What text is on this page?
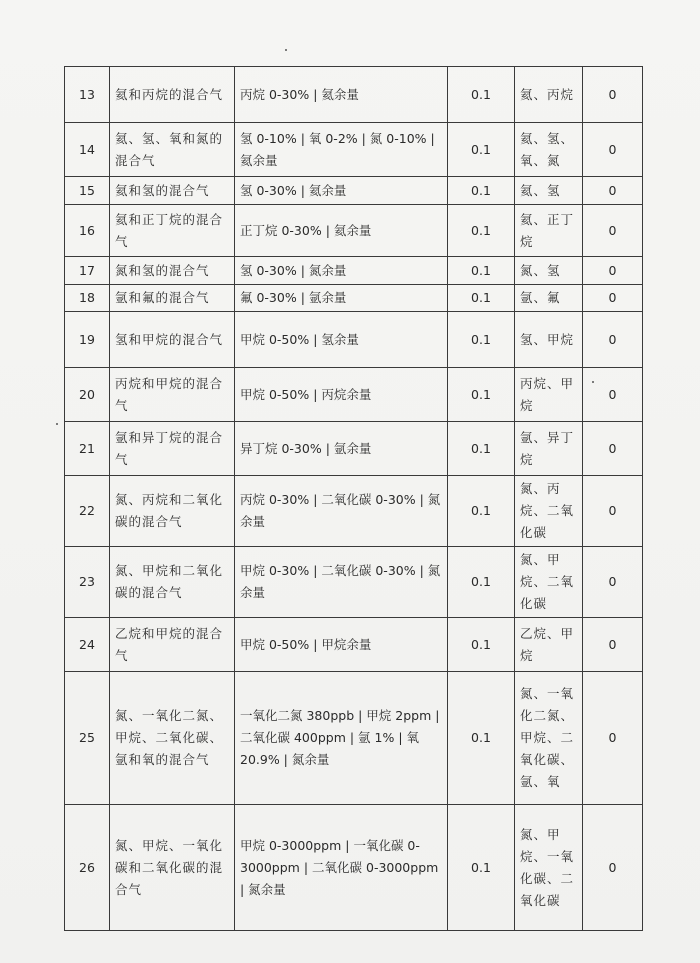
13	氦和丙烷的混合气	丙烷 0-30% | 氦余量	0.1	氦、丙烷	0
14	氦、氢、氧和氮的混合气	氢 0-10% | 氧 0-2% | 氮 0-10% | 氦余量	0.1	氦、氢、氧、氮	0
15	氦和氢的混合气	氢 0-30% | 氦余量	0.1	氦、氢	0
16	氦和正丁烷的混合气	正丁烷 0-30% | 氦余量	0.1	氦、正丁烷	0
17	氮和氢的混合气	氢 0-30% | 氮余量	0.1	氮、氢	0
18	氩和氟的混合气	氟 0-30% | 氩余量	0.1	氩、氟	0
19	氢和甲烷的混合气	甲烷 0-50% | 氢余量	0.1	氢、甲烷	0
20	丙烷和甲烷的混合气	甲烷 0-50% | 丙烷余量	0.1	丙烷、甲烷	0
21	氩和异丁烷的混合气	异丁烷 0-30% | 氩余量	0.1	氩、异丁烷	0
22	氮、丙烷和二氧化碳的混合气	丙烷 0-30% | 二氧化碳 0-30% | 氮余量	0.1	氮、丙烷、二氧化碳	0
23	氮、甲烷和二氧化碳的混合气	甲烷 0-30% | 二氧化碳 0-30% | 氮余量	0.1	氮、甲烷、二氧化碳	0
24	乙烷和甲烷的混合气	甲烷 0-50% | 甲烷余量	0.1	乙烷、甲烷	0
25	氮、一氧化二氮、甲烷、二氧化碳、氩和氧的混合气	一氧化二氮 380ppb | 甲烷 2ppm | 二氧化碳 400ppm | 氩 1% | 氧 20.9% | 氮余量	0.1	氮、一氧化二氮、甲烷、二氧化碳、氩、氧	0
26	氮、甲烷、一氧化碳和二氧化碳的混合气	甲烷 0-3000ppm | 一氧化碳 0-3000ppm | 二氧化碳 0-3000ppm | 氮余量	0.1	氮、甲烷、一氧化碳、二氧化碳	0
